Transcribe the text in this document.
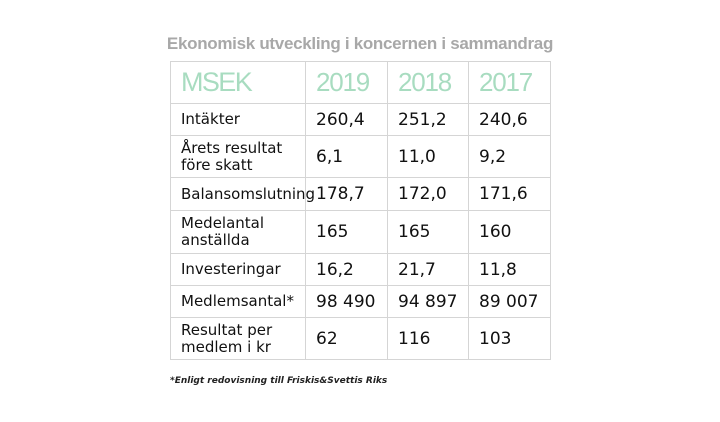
Ekonomisk utveckling i koncernen i sammandrag
MSEK	2019	2018	2017
Intäkter	260,4	251,2	240,6
Årets resultat före skatt	6,1	11,0	9,2
Balansomslutning	178,7	172,0	171,6
Medelantal anställda	165	165	160
Investeringar	16,2	21,7	11,8
Medlemsantal*	98 490	94 897	89 007
Resultat per medlem i kr	62	116	103
*Enligt redovisning till Friskis&Svettis Riks
